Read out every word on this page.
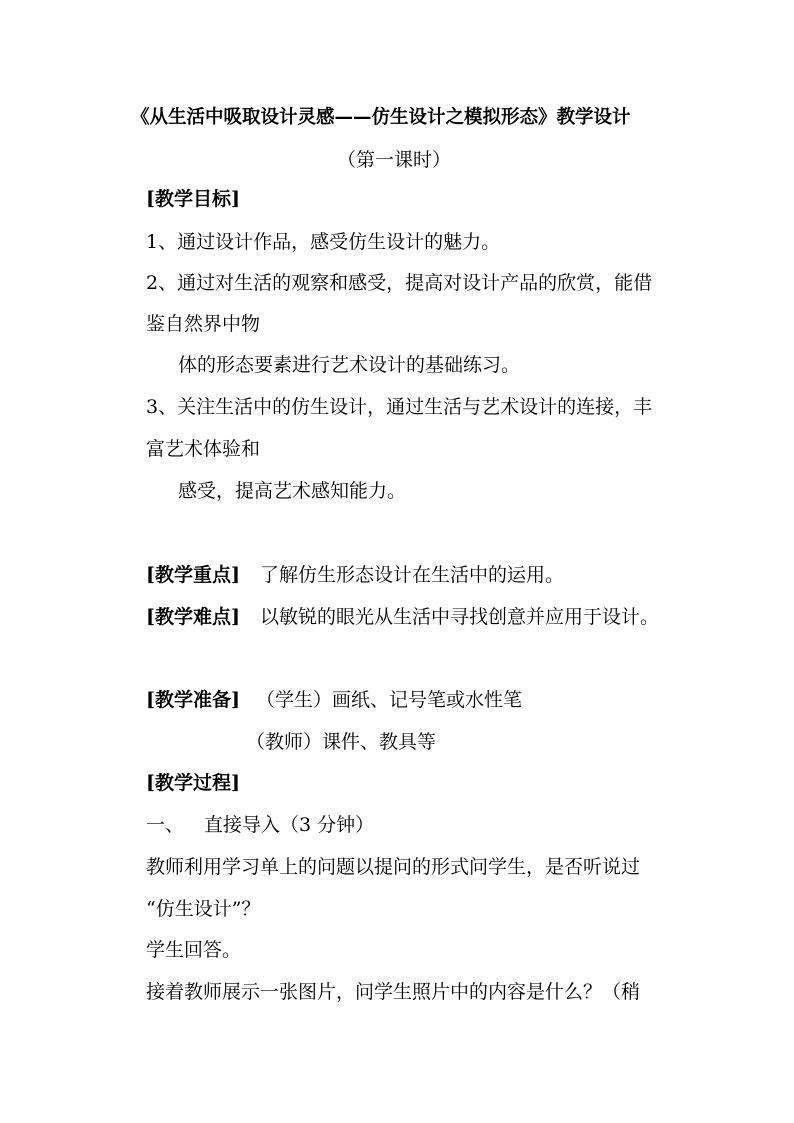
《从生活中吸取设计灵感——仿生设计之模拟形态》教学设计
（第一课时）
[教学目标]
1、通过设计作品，感受仿生设计的魅力。
2、通过对生活的观察和感受，提高对设计产品的欣赏，能借
鉴自然界中物
体的形态要素进行艺术设计的基础练习。
3、关注生活中的仿生设计，通过生活与艺术设计的连接，丰
富艺术体验和
感受，提高艺术感知能力。
[教学重点] 了解仿生形态设计在生活中的运用。
[教学难点] 以敏锐的眼光从生活中寻找创意并应用于设计。
[教学准备] （学生）画纸、记号笔或水性笔
（教师）课件、教具等
[教学过程]
一、 直接导入（3 分钟）
教师利用学习单上的问题以提问的形式问学生，是否听说过
“仿生设计”？
学生回答。
接着教师展示一张图片，问学生照片中的内容是什么？（稍
